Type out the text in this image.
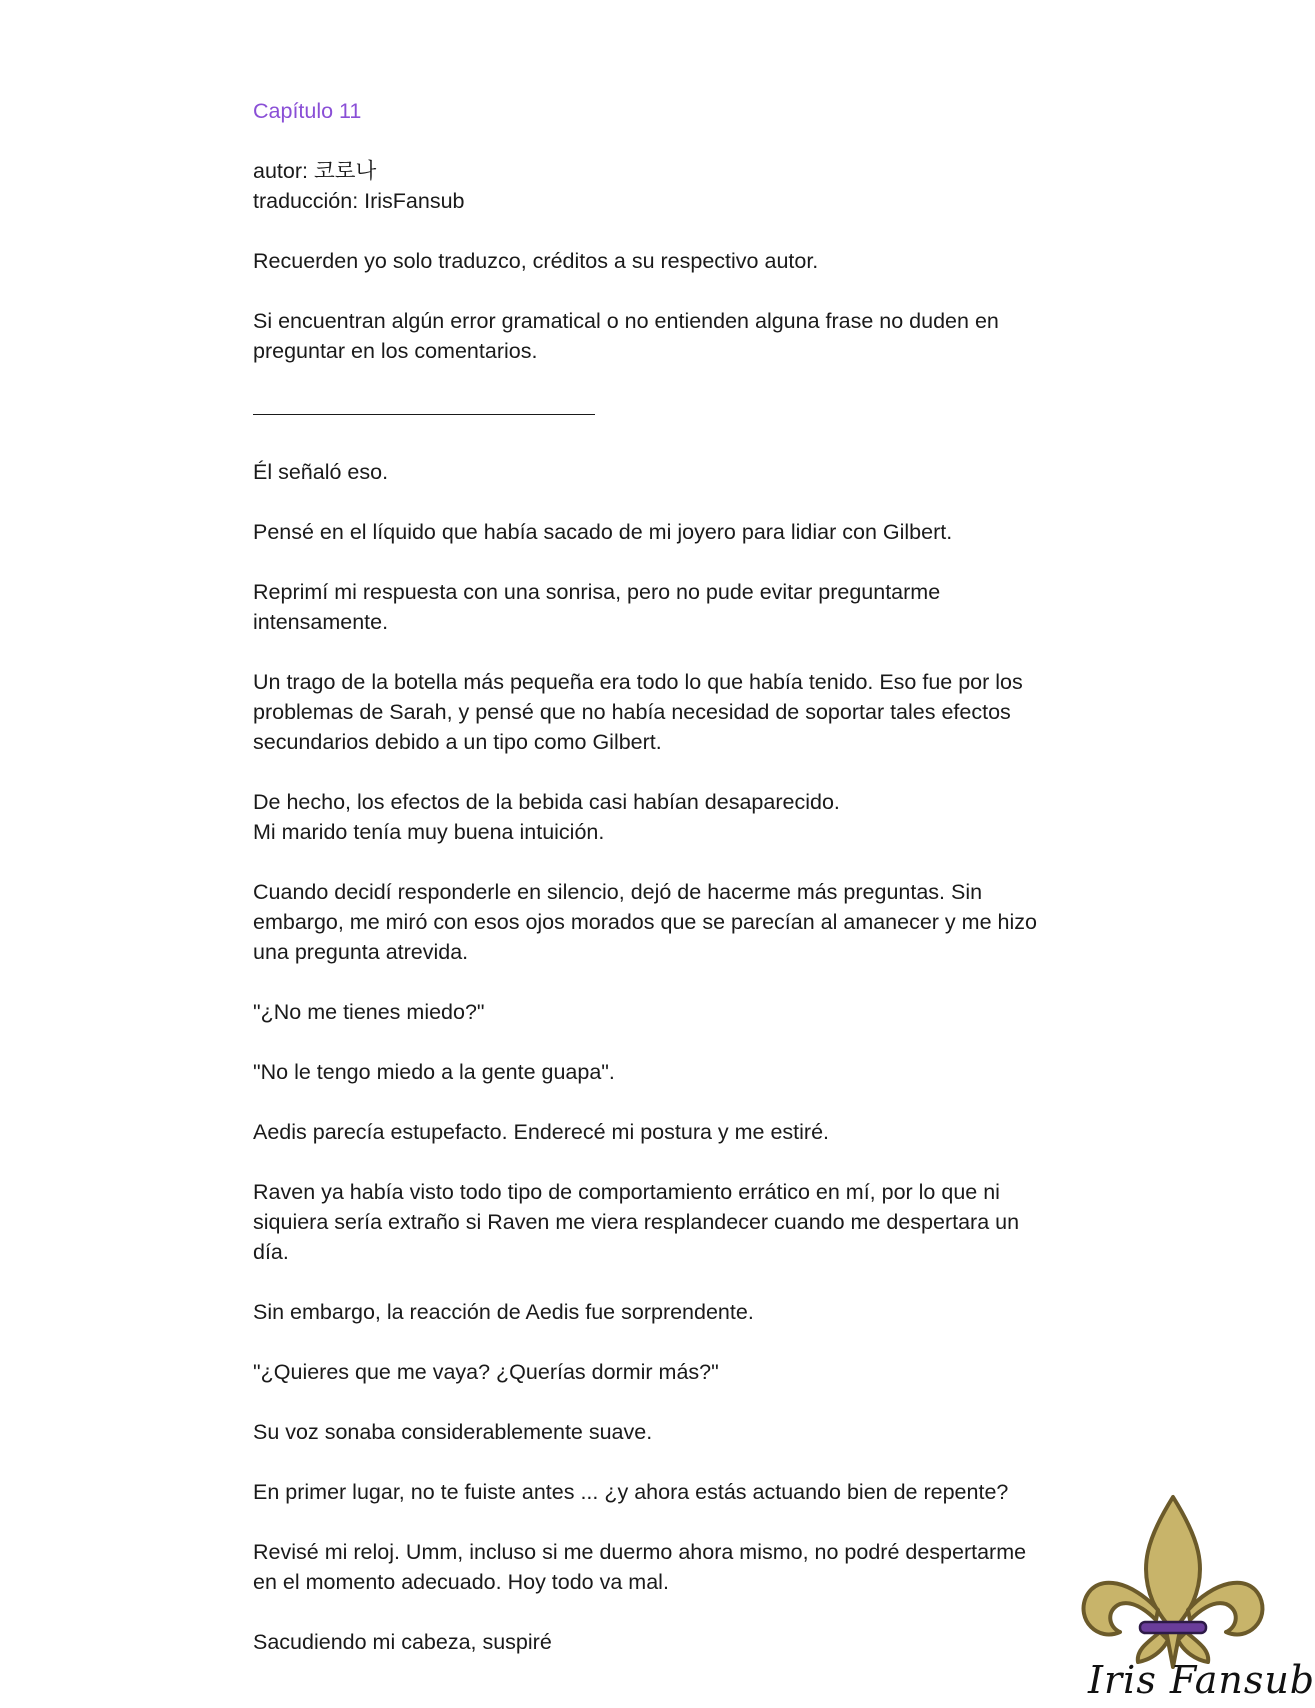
Capítulo 11

autor: 코로나

traducción: IrisFansub

Recuerden yo solo traduzco, créditos a su respectivo autor.

Si encuentran algún error gramatical o no entienden alguna frase no duden en preguntar en los comentarios.

Él señaló eso.

Pensé en el líquido que había sacado de mi joyero para lidiar con Gilbert.

Reprimí mi respuesta con una sonrisa, pero no pude evitar preguntarme intensamente.

Un trago de la botella más pequeña era todo lo que había tenido. Eso fue por los problemas de Sarah, y pensé que no había necesidad de soportar tales efectos secundarios debido a un tipo como Gilbert.

De hecho, los efectos de la bebida casi habían desaparecido.

Mi marido tenía muy buena intuición.

Cuando decidí responderle en silencio, dejó de hacerme más preguntas. Sin embargo, me miró con esos ojos morados que se parecían al amanecer y me hizo una pregunta atrevida.

"¿No me tienes miedo?"

"No le tengo miedo a la gente guapa".

Aedis parecía estupefacto. Enderecé mi postura y me estiré.

Raven ya había visto todo tipo de comportamiento errático en mí, por lo que ni siquiera sería extraño si Raven me viera resplandecer cuando me despertara un día.

Sin embargo, la reacción de Aedis fue sorprendente.

"¿Quieres que me vaya? ¿Querías dormir más?"

Su voz sonaba considerablemente suave.

En primer lugar, no te fuiste antes ... ¿y ahora estás actuando bien de repente?

Revisé mi reloj. Umm, incluso si me duermo ahora mismo, no podré despertarme en el momento adecuado. Hoy todo va mal.

Sacudiendo mi cabeza, suspiré

Iris Fansub
